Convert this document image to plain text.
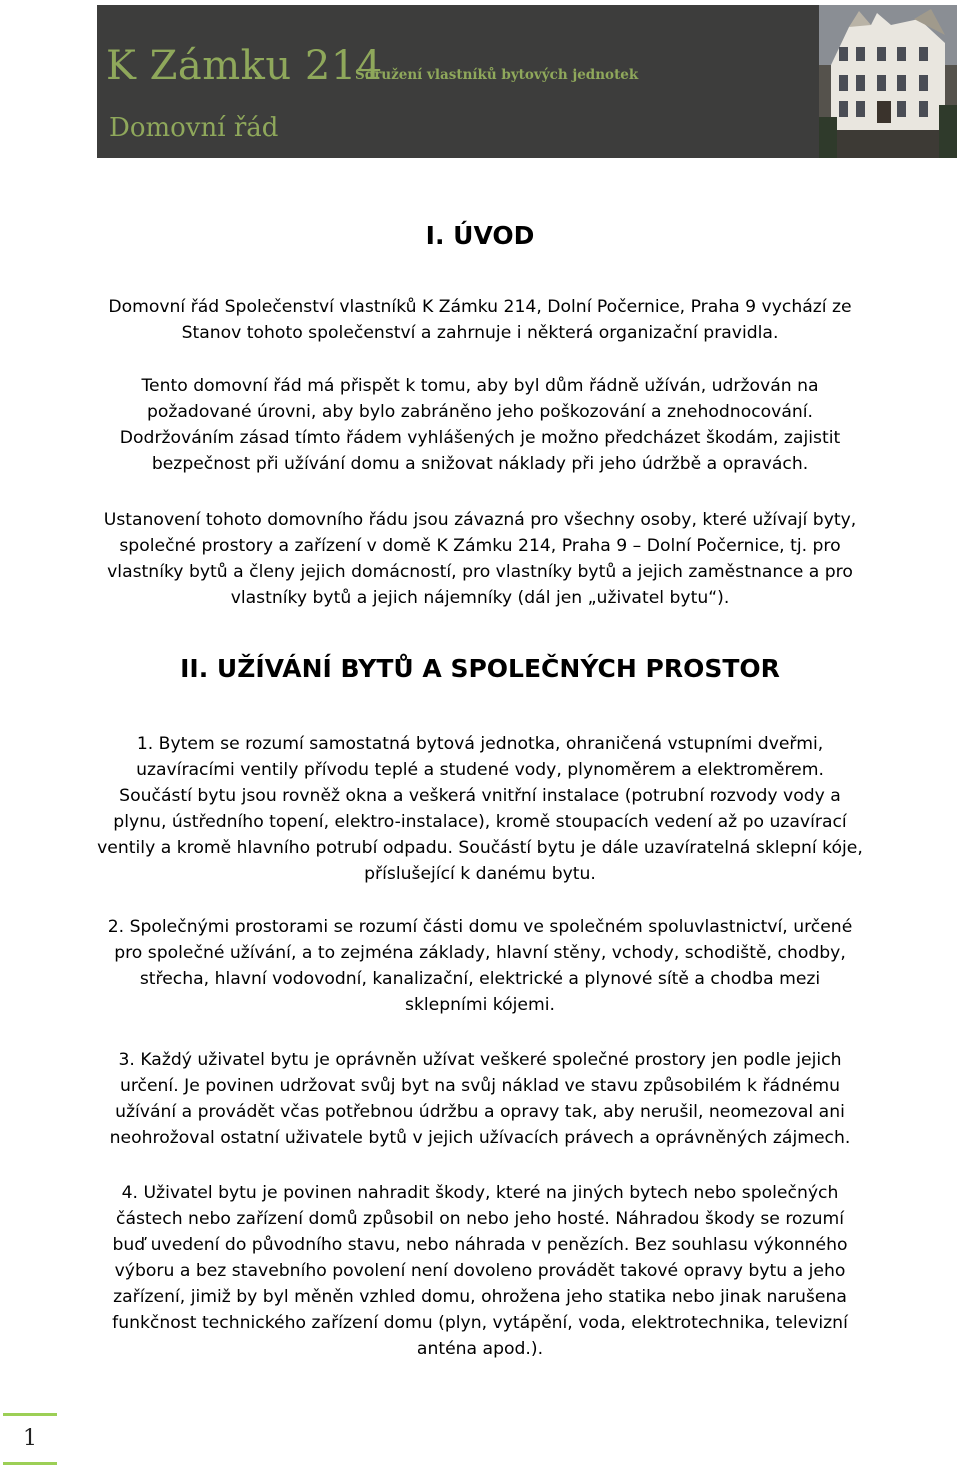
K Zámku 214
Sdružení vlastníků bytových jednotek
Domovní řád
I. ÚVOD

Domovní řád Společenství vlastníků K Zámku 214, Dolní Počernice, Praha 9 vychází ze Stanov tohoto společenství a zahrnuje i některá organizační pravidla.

Tento domovní řád má přispět k tomu, aby byl dům řádně užíván, udržován na požadované úrovni, aby bylo zabráněno jeho poškozování a znehodnocování. Dodržováním zásad tímto řádem vyhlášených je možno předcházet škodám, zajistit bezpečnost při užívání domu a snižovat náklady při jeho údržbě a opravách.

Ustanovení tohoto domovního řádu jsou závazná pro všechny osoby, které užívají byty, společné prostory a zařízení v domě K Zámku 214, Praha 9 – Dolní Počernice, tj. pro vlastníky bytů a členy jejich domácností, pro vlastníky bytů a jejich zaměstnance a pro vlastníky bytů a jejich nájemníky (dál jen „uživatel bytu“).

II. UŽÍVÁNÍ BYTŮ A SPOLEČNÝCH PROSTOR

1. Bytem se rozumí samostatná bytová jednotka, ohraničená vstupními dveřmi, uzavíracími ventily přívodu teplé a studené vody, plynoměrem a elektroměrem. Součástí bytu jsou rovněž okna a veškerá vnitřní instalace (potrubní rozvody vody a plynu, ústředního topení, elektro-instalace), kromě stoupacích vedení až po uzavírací ventily a kromě hlavního potrubí odpadu. Součástí bytu je dále uzavíratelná sklepní kóje, příslušející k danému bytu.

2. Společnými prostorami se rozumí části domu ve společném spoluvlastnictví, určené pro společné užívání, a to zejména základy, hlavní stěny, vchody, schodiště, chodby, střecha, hlavní vodovodní, kanalizační, elektrické a plynové sítě a chodba mezi sklepními kójemi.

3. Každý uživatel bytu je oprávněn užívat veškeré společné prostory jen podle jejich určení. Je povinen udržovat svůj byt na svůj náklad ve stavu způsobilém k řádnému užívání a provádět včas potřebnou údržbu a opravy tak, aby nerušil, neomezoval ani neohrožoval ostatní uživatele bytů v jejich užívacích právech a oprávněných zájmech.

4. Uživatel bytu je povinen nahradit škody, které na jiných bytech nebo společných částech nebo zařízení domů způsobil on nebo jeho hosté. Náhradou škody se rozumí buď uvedení do původního stavu, nebo náhrada v penězích. Bez souhlasu výkonného výboru a bez stavebního povolení není dovoleno provádět takové opravy bytu a jeho zařízení, jimiž by byl měněn vzhled domu, ohrožena jeho statika nebo jinak narušena funkčnost technického zařízení domu (plyn, vytápění, voda, elektrotechnika, televizní anténa apod.).

1
